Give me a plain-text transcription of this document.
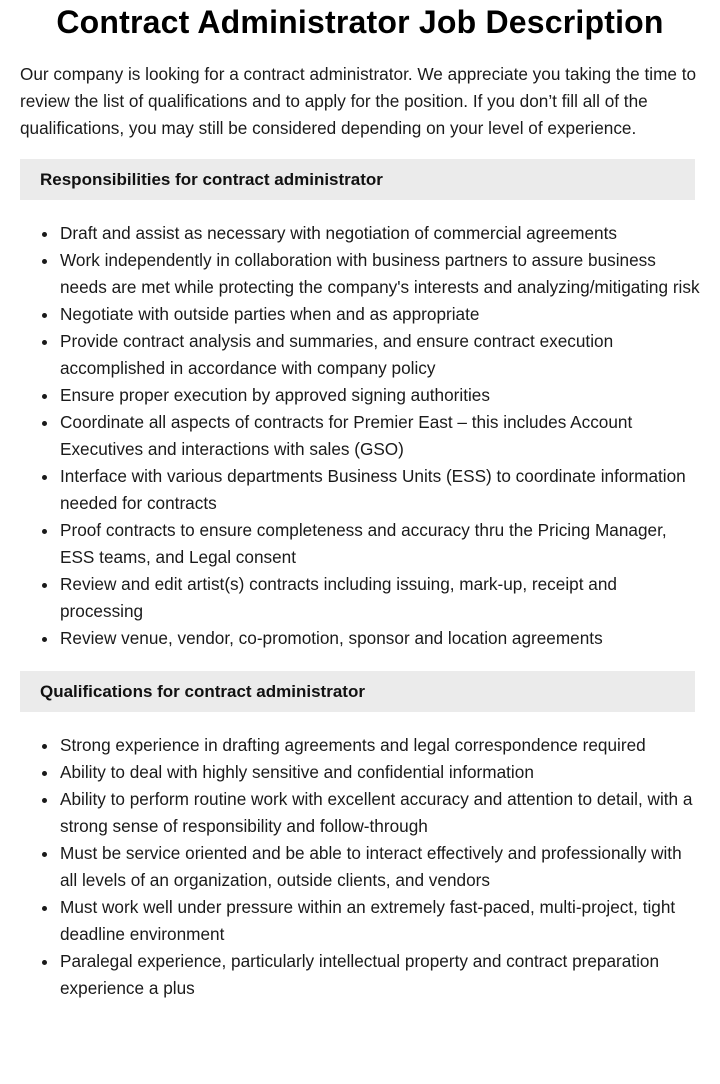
Contract Administrator Job Description

Our company is looking for a contract administrator. We appreciate you taking the time to review the list of qualifications and to apply for the position. If you don’t fill all of the qualifications, you may still be considered depending on your level of experience.

Responsibilities for contract administrator
Draft and assist as necessary with negotiation of commercial agreements
Work independently in collaboration with business partners to assure business needs are met while protecting the company's interests and analyzing/mitigating risk
Negotiate with outside parties when and as appropriate
Provide contract analysis and summaries, and ensure contract execution accomplished in accordance with company policy
Ensure proper execution by approved signing authorities
Coordinate all aspects of contracts for Premier East – this includes Account Executives and interactions with sales (GSO)
Interface with various departments Business Units (ESS) to coordinate information needed for contracts
Proof contracts to ensure completeness and accuracy thru the Pricing Manager, ESS teams, and Legal consent
Review and edit artist(s) contracts including issuing, mark-up, receipt and processing
Review venue, vendor, co-promotion, sponsor and location agreements
Qualifications for contract administrator
Strong experience in drafting agreements and legal correspondence required
Ability to deal with highly sensitive and confidential information
Ability to perform routine work with excellent accuracy and attention to detail, with a strong sense of responsibility and follow-through
Must be service oriented and be able to interact effectively and professionally with all levels of an organization, outside clients, and vendors
Must work well under pressure within an extremely fast-paced, multi-project, tight deadline environment
Paralegal experience, particularly intellectual property and contract preparation experience a plus
